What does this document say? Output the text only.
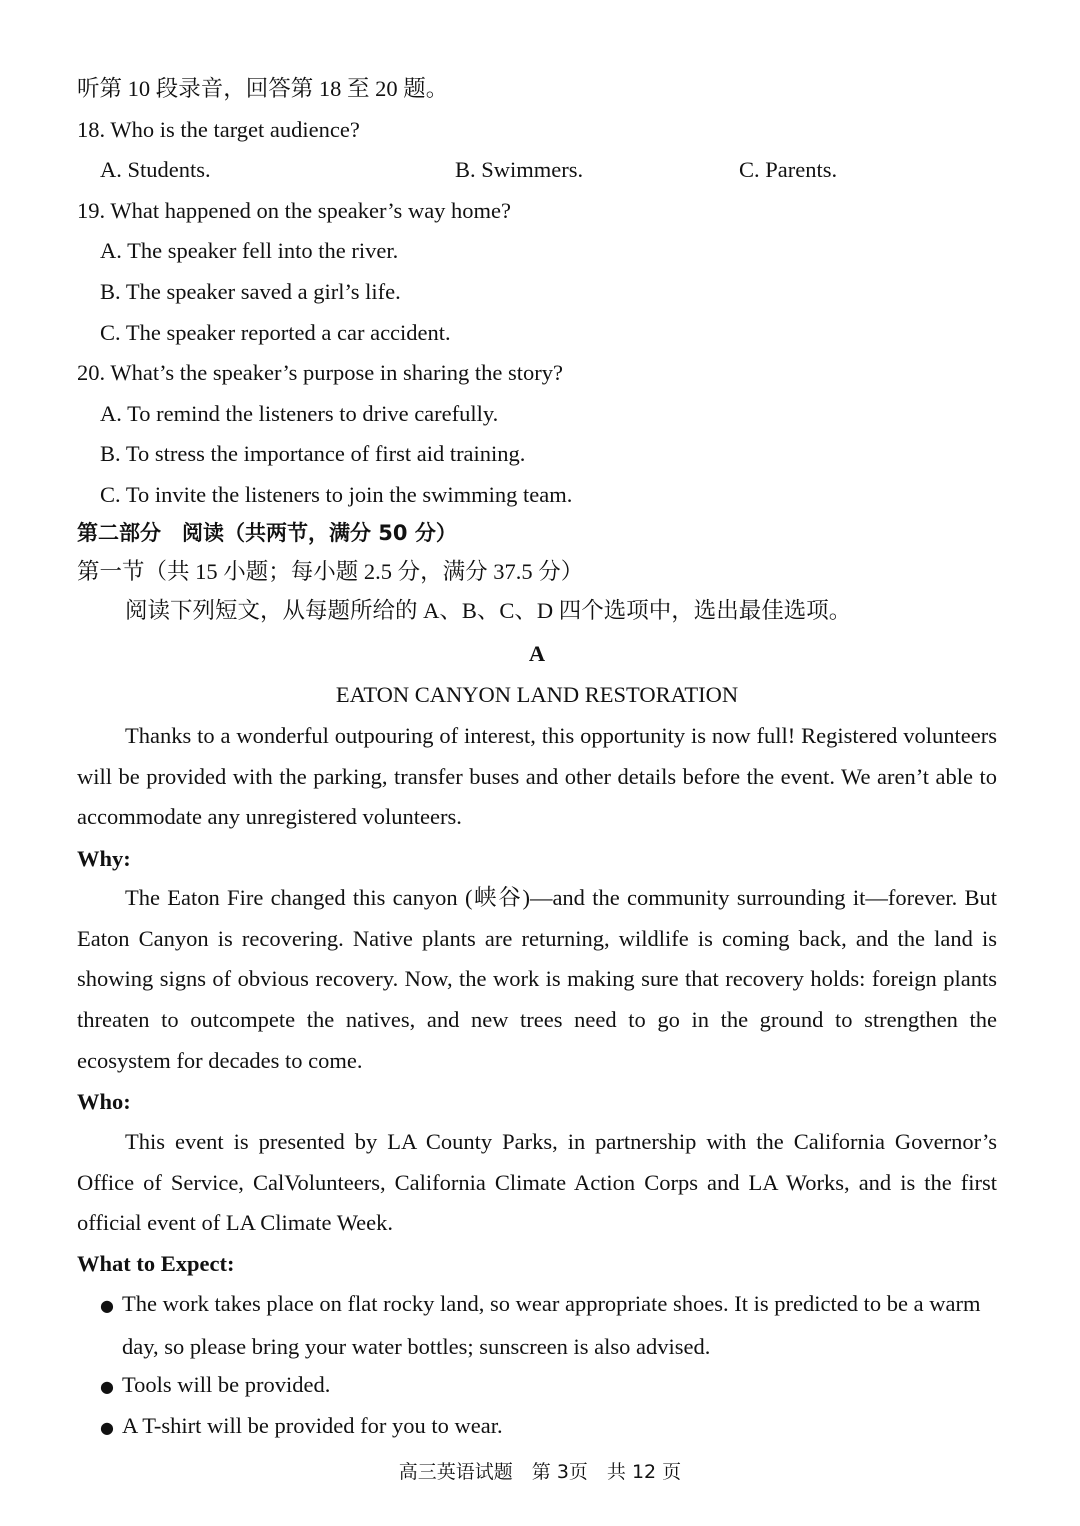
听第 10 段录音，回答第 18 至 20 题。
18. Who is the target audience?
A. Students.	B. Swimmers.	C. Parents.
19. What happened on the speaker’s way home?
A. The speaker fell into the river.
B. The speaker saved a girl’s life.
C. The speaker reported a car accident.
20. What’s the speaker’s purpose in sharing the story?
A. To remind the listeners to drive carefully.
B. To stress the importance of first aid training.
C. To invite the listeners to join the swimming team.
第二部分　阅读（共两节，满分 50 分）
第一节（共 15 小题；每小题 2.5 分，满分 37.5 分）
阅读下列短文，从每题所给的 A、B、C、D 四个选项中，选出最佳选项。
A
EATON CANYON LAND RESTORATION
Thanks to a wonderful outpouring of interest, this opportunity is now full! Registered volunteers will be provided with the parking, transfer buses and other details before the event. We aren’t able to accommodate any unregistered volunteers.
Why:
The Eaton Fire changed this canyon (峡谷)—and the community surrounding it—forever. But Eaton Canyon is recovering. Native plants are returning, wildlife is coming back, and the land is showing signs of obvious recovery. Now, the work is making sure that recovery holds: foreign plants threaten to outcompete the natives, and new trees need to go in the ground to strengthen the ecosystem for decades to come.
Who:
This event is presented by LA County Parks, in partnership with the California Governor’s Office of Service, CalVolunteers, California Climate Action Corps and LA Works, and is the first official event of LA Climate Week.
What to Expect:
● The work takes place on flat rocky land, so wear appropriate shoes. It is predicted to be a warm day, so please bring your water bottles; sunscreen is also advised.
● Tools will be provided.
● A T-shirt will be provided for you to wear.
高三英语试题　第 3页　共 12 页
